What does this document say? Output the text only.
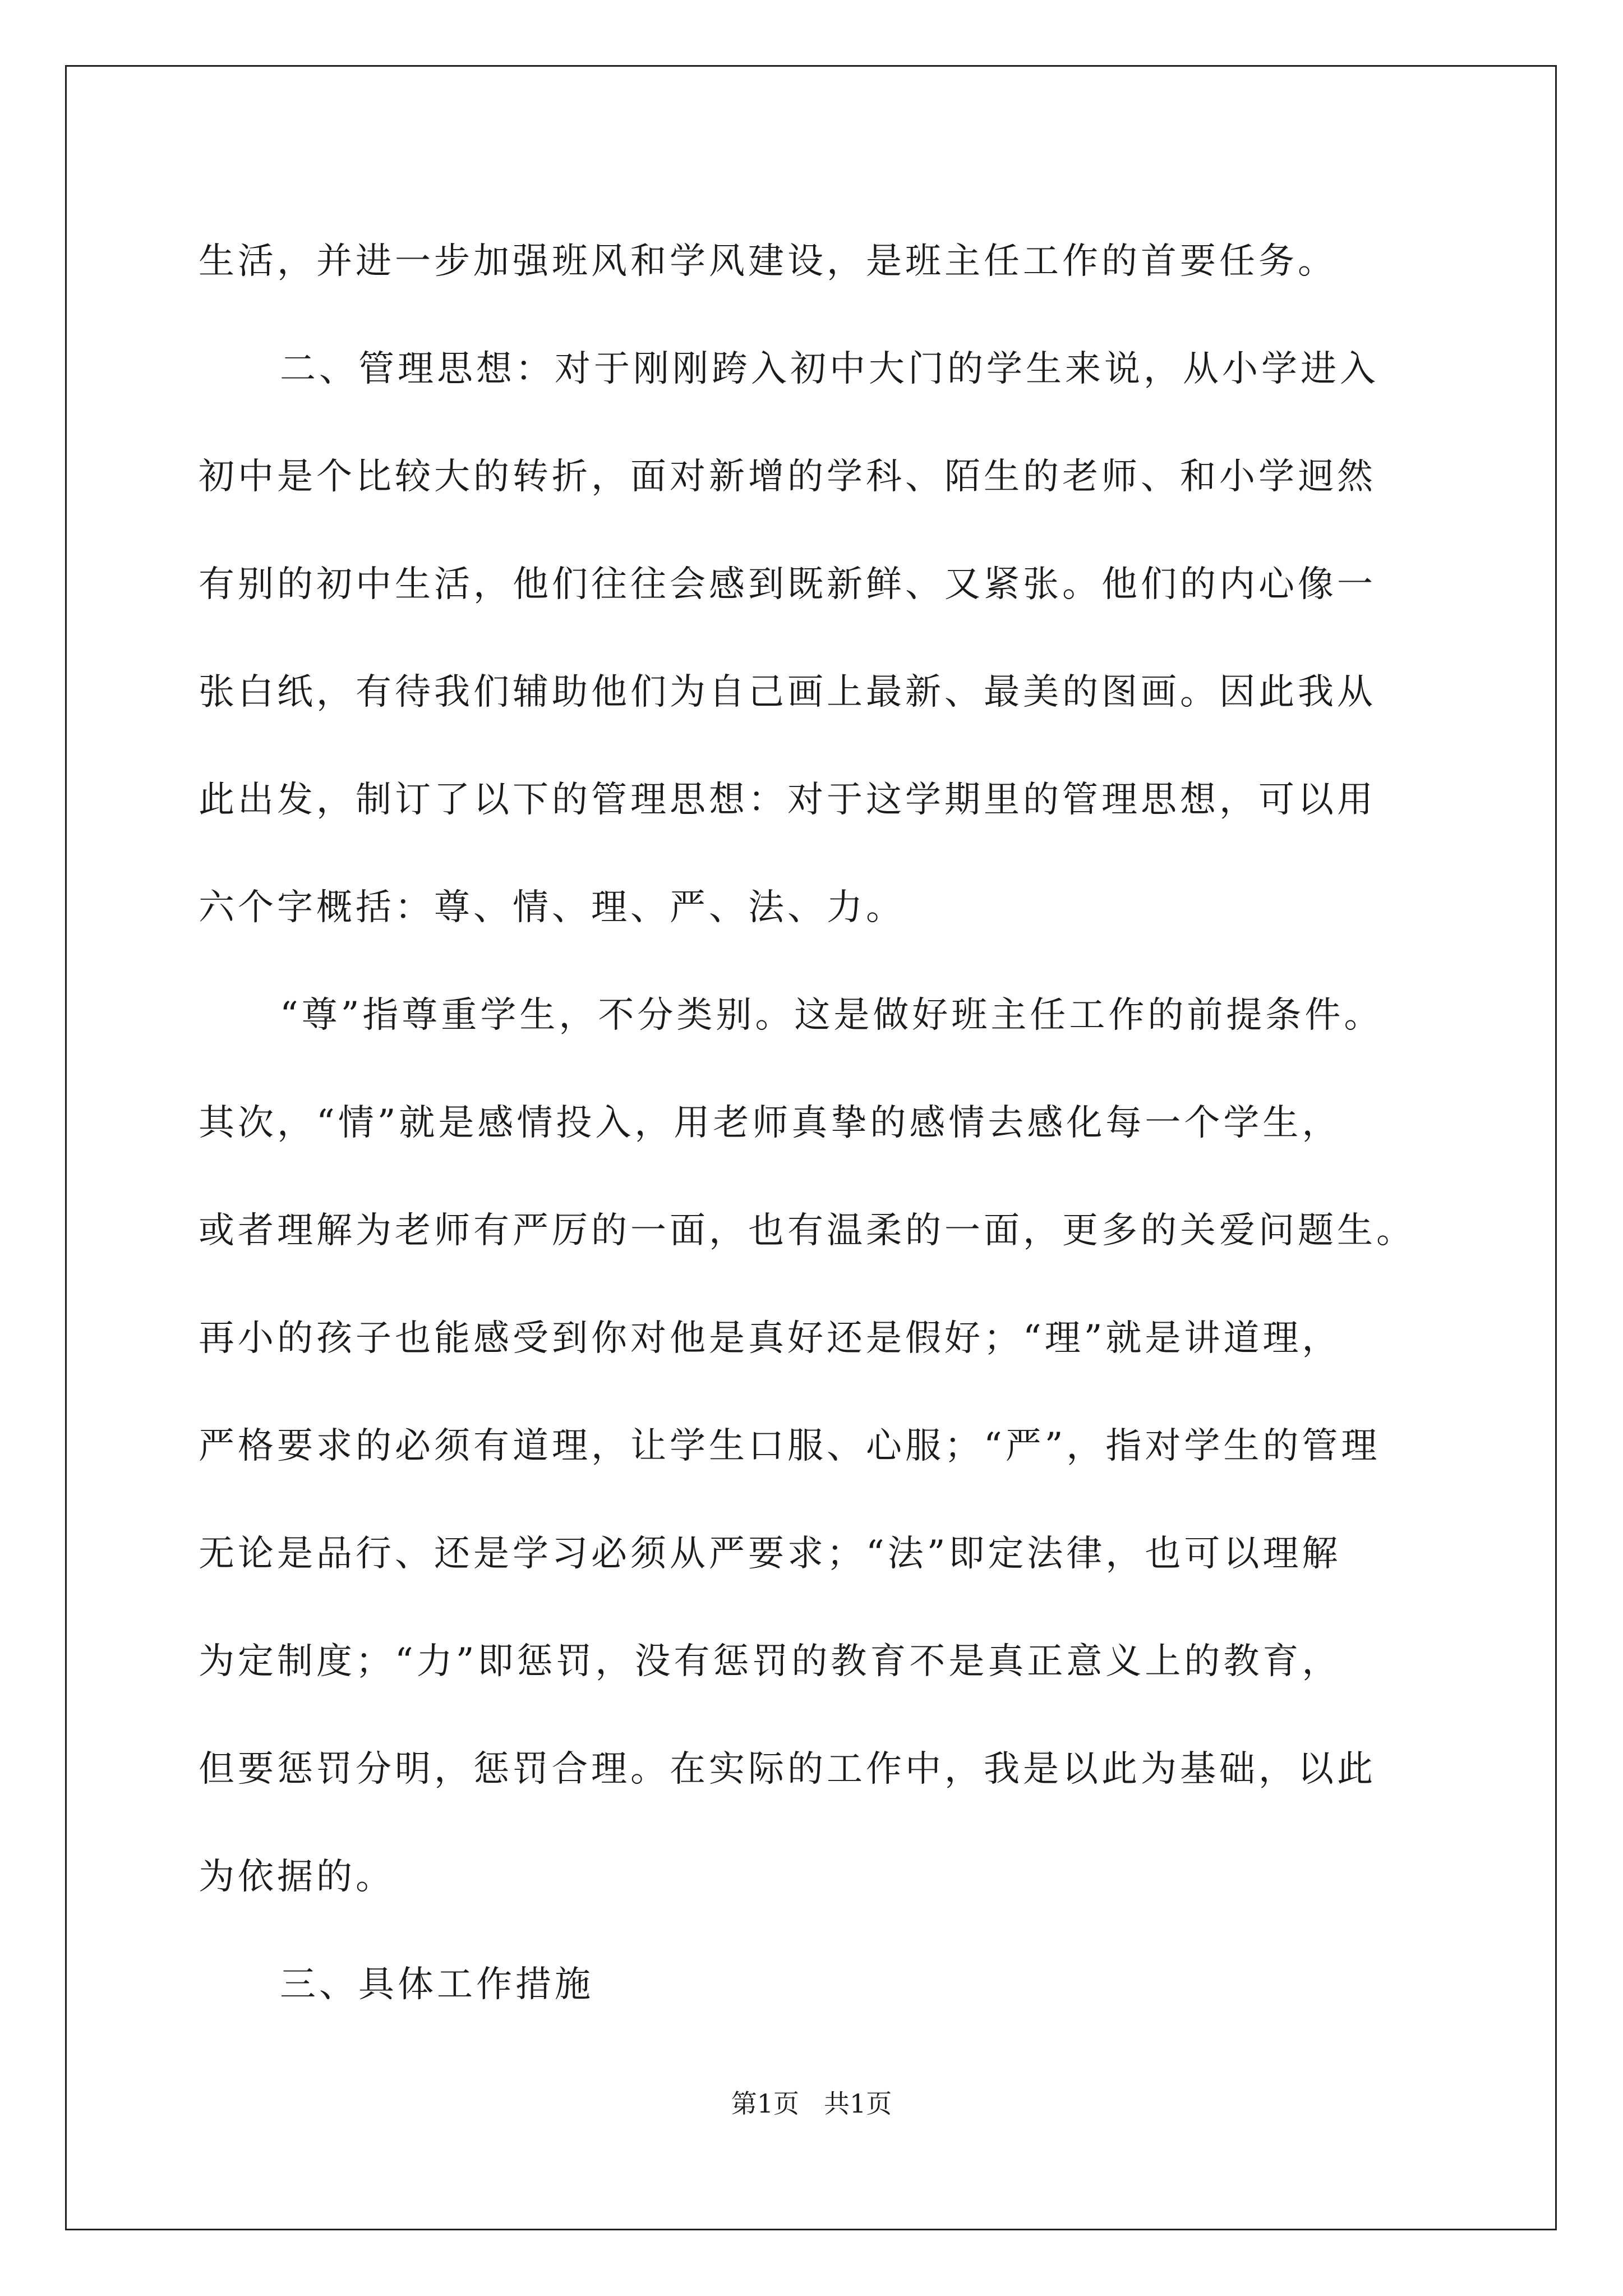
生活，并进一步加强班风和学风建设，是班主任工作的首要任务。
二、管理思想：对于刚刚跨入初中大门的学生来说，从小学进入
初中是个比较大的转折，面对新增的学科、陌生的老师、和小学迥然
有别的初中生活，他们往往会感到既新鲜、又紧张。他们的内心像一
张白纸，有待我们辅助他们为自己画上最新、最美的图画。因此我从
此出发，制订了以下的管理思想：对于这学期里的管理思想，可以用
六个字概括：尊、情、理、严、法、力。
“尊”指尊重学生，不分类别。这是做好班主任工作的前提条件。
其次，“情”就是感情投入，用老师真挚的感情去感化每一个学生，
或者理解为老师有严厉的一面，也有温柔的一面，更多的关爱问题生。
再小的孩子也能感受到你对他是真好还是假好；“理”就是讲道理，
严格要求的必须有道理，让学生口服、心服；“严”，指对学生的管理
无论是品行、还是学习必须从严要求；“法”即定法律，也可以理解
为定制度；“力”即惩罚，没有惩罚的教育不是真正意义上的教育，
但要惩罚分明，惩罚合理。在实际的工作中，我是以此为基础，以此
为依据的。
三、具体工作措施
第1页 共1页
